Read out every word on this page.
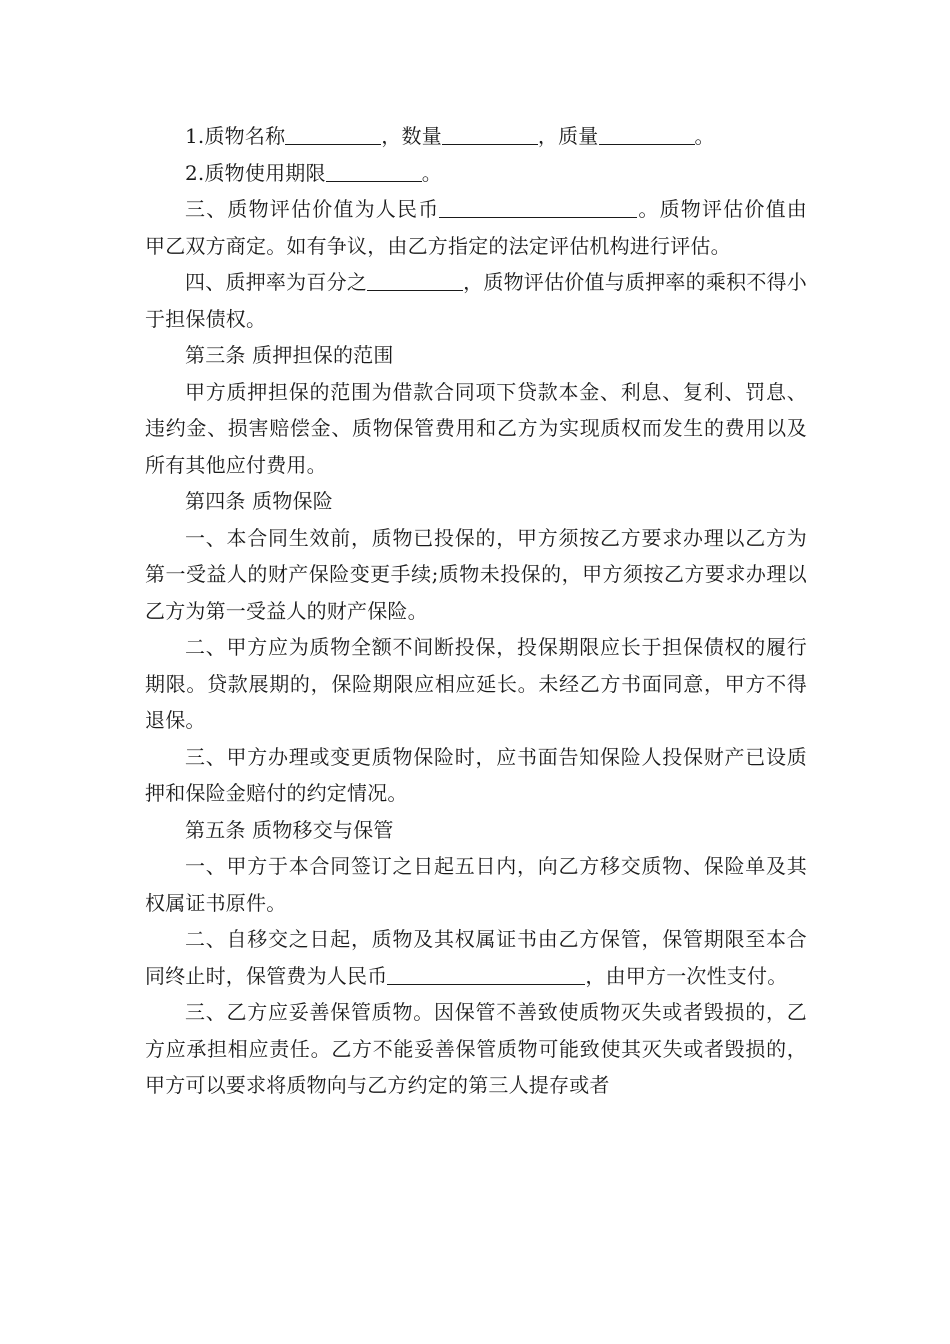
1.质物名称	，数量	，质量	。

2.质物使用期限	。

三、质物评估价值为人民币	。质物评估价值由甲乙双方商定。如有争议，由乙方指定的法定评估机构进行评估。

四、质押率为百分之	，质物评估价值与质押率的乘积不得小于担保债权。

第三条 质押担保的范围

甲方质押担保的范围为借款合同项下贷款本金、利息、复利、罚息、违约金、损害赔偿金、质物保管费用和乙方为实现质权而发生的费用以及所有其他应付费用。

第四条 质物保险

一、本合同生效前，质物已投保的，甲方须按乙方要求办理以乙方为第一受益人的财产保险变更手续;质物未投保的，甲方须按乙方要求办理以乙方为第一受益人的财产保险。

二、甲方应为质物全额不间断投保，投保期限应长于担保债权的履行期限。贷款展期的，保险期限应相应延长。未经乙方书面同意，甲方不得退保。

三、甲方办理或变更质物保险时，应书面告知保险人投保财产已设质押和保险金赔付的约定情况。

第五条 质物移交与保管

一、甲方于本合同签订之日起五日内，向乙方移交质物、保险单及其权属证书原件。

二、自移交之日起，质物及其权属证书由乙方保管，保管期限至本合同终止时，保管费为人民币	，由甲方一次性支付。

三、乙方应妥善保管质物。因保管不善致使质物灭失或者毁损的，乙方应承担相应责任。乙方不能妥善保管质物可能致使其灭失或者毁损的，甲方可以要求将质物向与乙方约定的第三人提存或者
